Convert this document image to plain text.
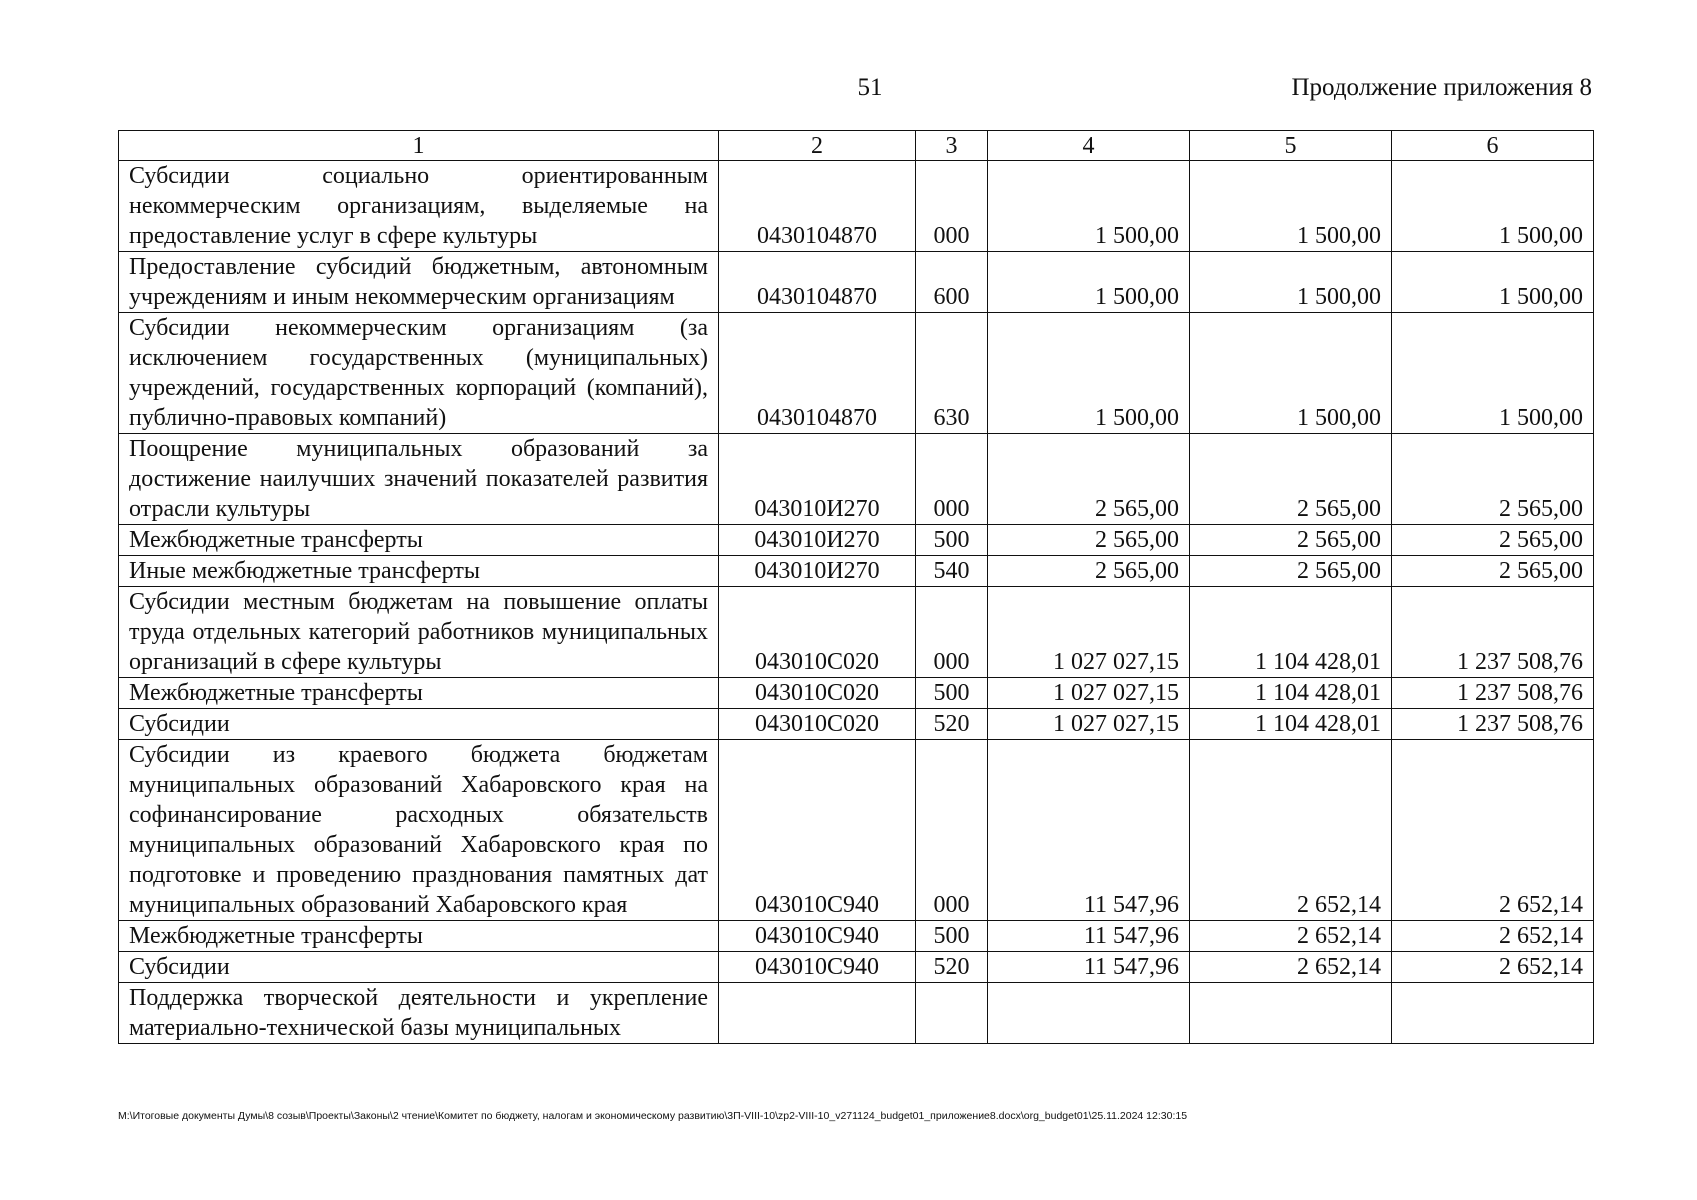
51	Продолжение приложения 8
1	2	3	4	5	6
Субсидии социально ориентированным некоммерческим организациям, выделяемые на предоставление услуг в сфере культуры	0430104870	000	1 500,00	1 500,00	1 500,00
Предоставление субсидий бюджетным, автономным учреждениям и иным некоммерческим организациям	0430104870	600	1 500,00	1 500,00	1 500,00
Субсидии некоммерческим организациям (за исключением государственных (муниципальных) учреждений, государственных корпораций (компаний), публично-правовых компаний)	0430104870	630	1 500,00	1 500,00	1 500,00
Поощрение муниципальных образований за достижение наилучших значений показателей развития отрасли культуры	043010И270	000	2 565,00	2 565,00	2 565,00
Межбюджетные трансферты	043010И270	500	2 565,00	2 565,00	2 565,00
Иные межбюджетные трансферты	043010И270	540	2 565,00	2 565,00	2 565,00
Субсидии местным бюджетам на повышение оплаты труда отдельных категорий работников муниципальных организаций в сфере культуры	043010С020	000	1 027 027,15	1 104 428,01	1 237 508,76
Межбюджетные трансферты	043010С020	500	1 027 027,15	1 104 428,01	1 237 508,76
Субсидии	043010С020	520	1 027 027,15	1 104 428,01	1 237 508,76
Субсидии из краевого бюджета бюджетам муниципальных образований Хабаровского края на софинансирование расходных обязательств муниципальных образований Хабаровского края по подготовке и проведению празднования памятных дат муниципальных образований Хабаровского края	043010С940	000	11 547,96	2 652,14	2 652,14
Межбюджетные трансферты	043010С940	500	11 547,96	2 652,14	2 652,14
Субсидии	043010С940	520	11 547,96	2 652,14	2 652,14
Поддержка творческой деятельности и укрепление материально-технической базы муниципальных					
M:\Итоговые документы Думы\8 созыв\Проекты\Законы\2 чтение\Комитет по бюджету, налогам и экономическому развитию\3П-VIII-10\zp2-VIII-10_v271124_budget01_приложение8.docx\org_budget01\25.11.2024 12:30:15
